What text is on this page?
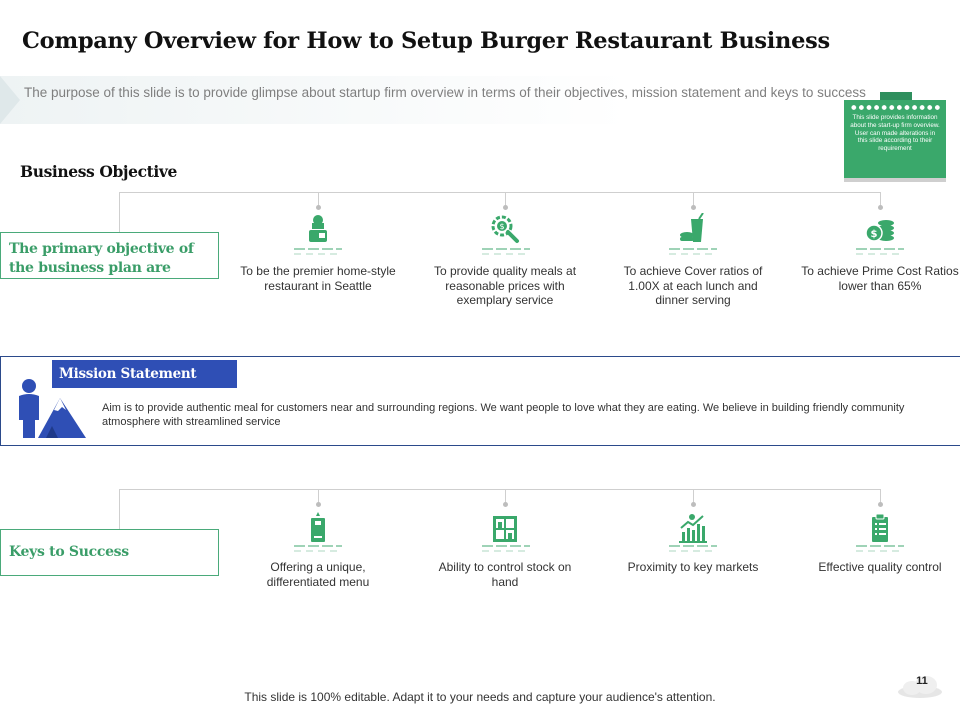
Company Overview for How to Setup Burger Restaurant Business
The purpose of this slide is to provide glimpse about startup firm overview in terms of their objectives, mission statement and keys to success
This slide provides information about the start-up firm overview. User can made alterations in this slide according to their requirement
Business Objective
The primary objective of the business plan are	To be the premier home-style restaurant in Seattle
$
To provide quality meals at reasonable prices with exemplary service
To achieve Cover ratios of 1.00X at each lunch and dinner serving
$
To achieve Prime Cost Ratios lower than 65%
Mission Statement
Aim is to provide authentic meal for customers near and surrounding regions. We want people to love what they are eating. We believe in building friendly community atmosphere with streamlined service
Keys to Success
Offering a unique, differentiated menu
Ability to control stock on hand
Proximity to key markets	Effective quality control
This slide is 100% editable. Adapt it to your needs and capture your audience's attention.
11
